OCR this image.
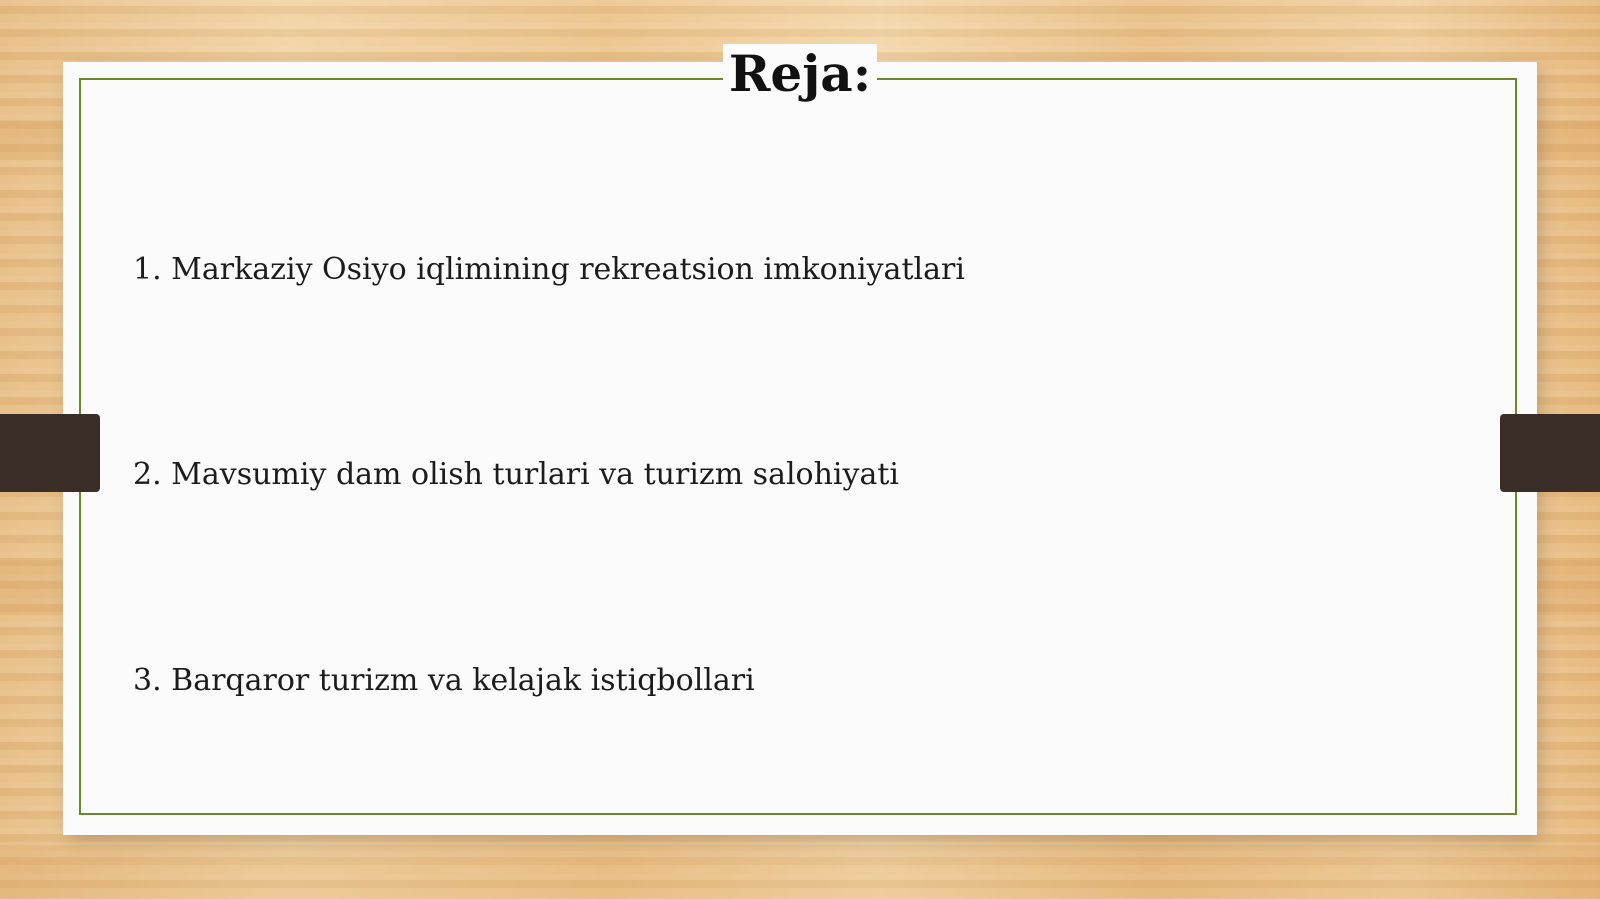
Reja:
1. Markaziy Osiyo iqlimining rekreatsion imkoniyatlari
2. Mavsumiy dam olish turlari va turizm salohiyati
3. Barqaror turizm va kelajak istiqbollari
